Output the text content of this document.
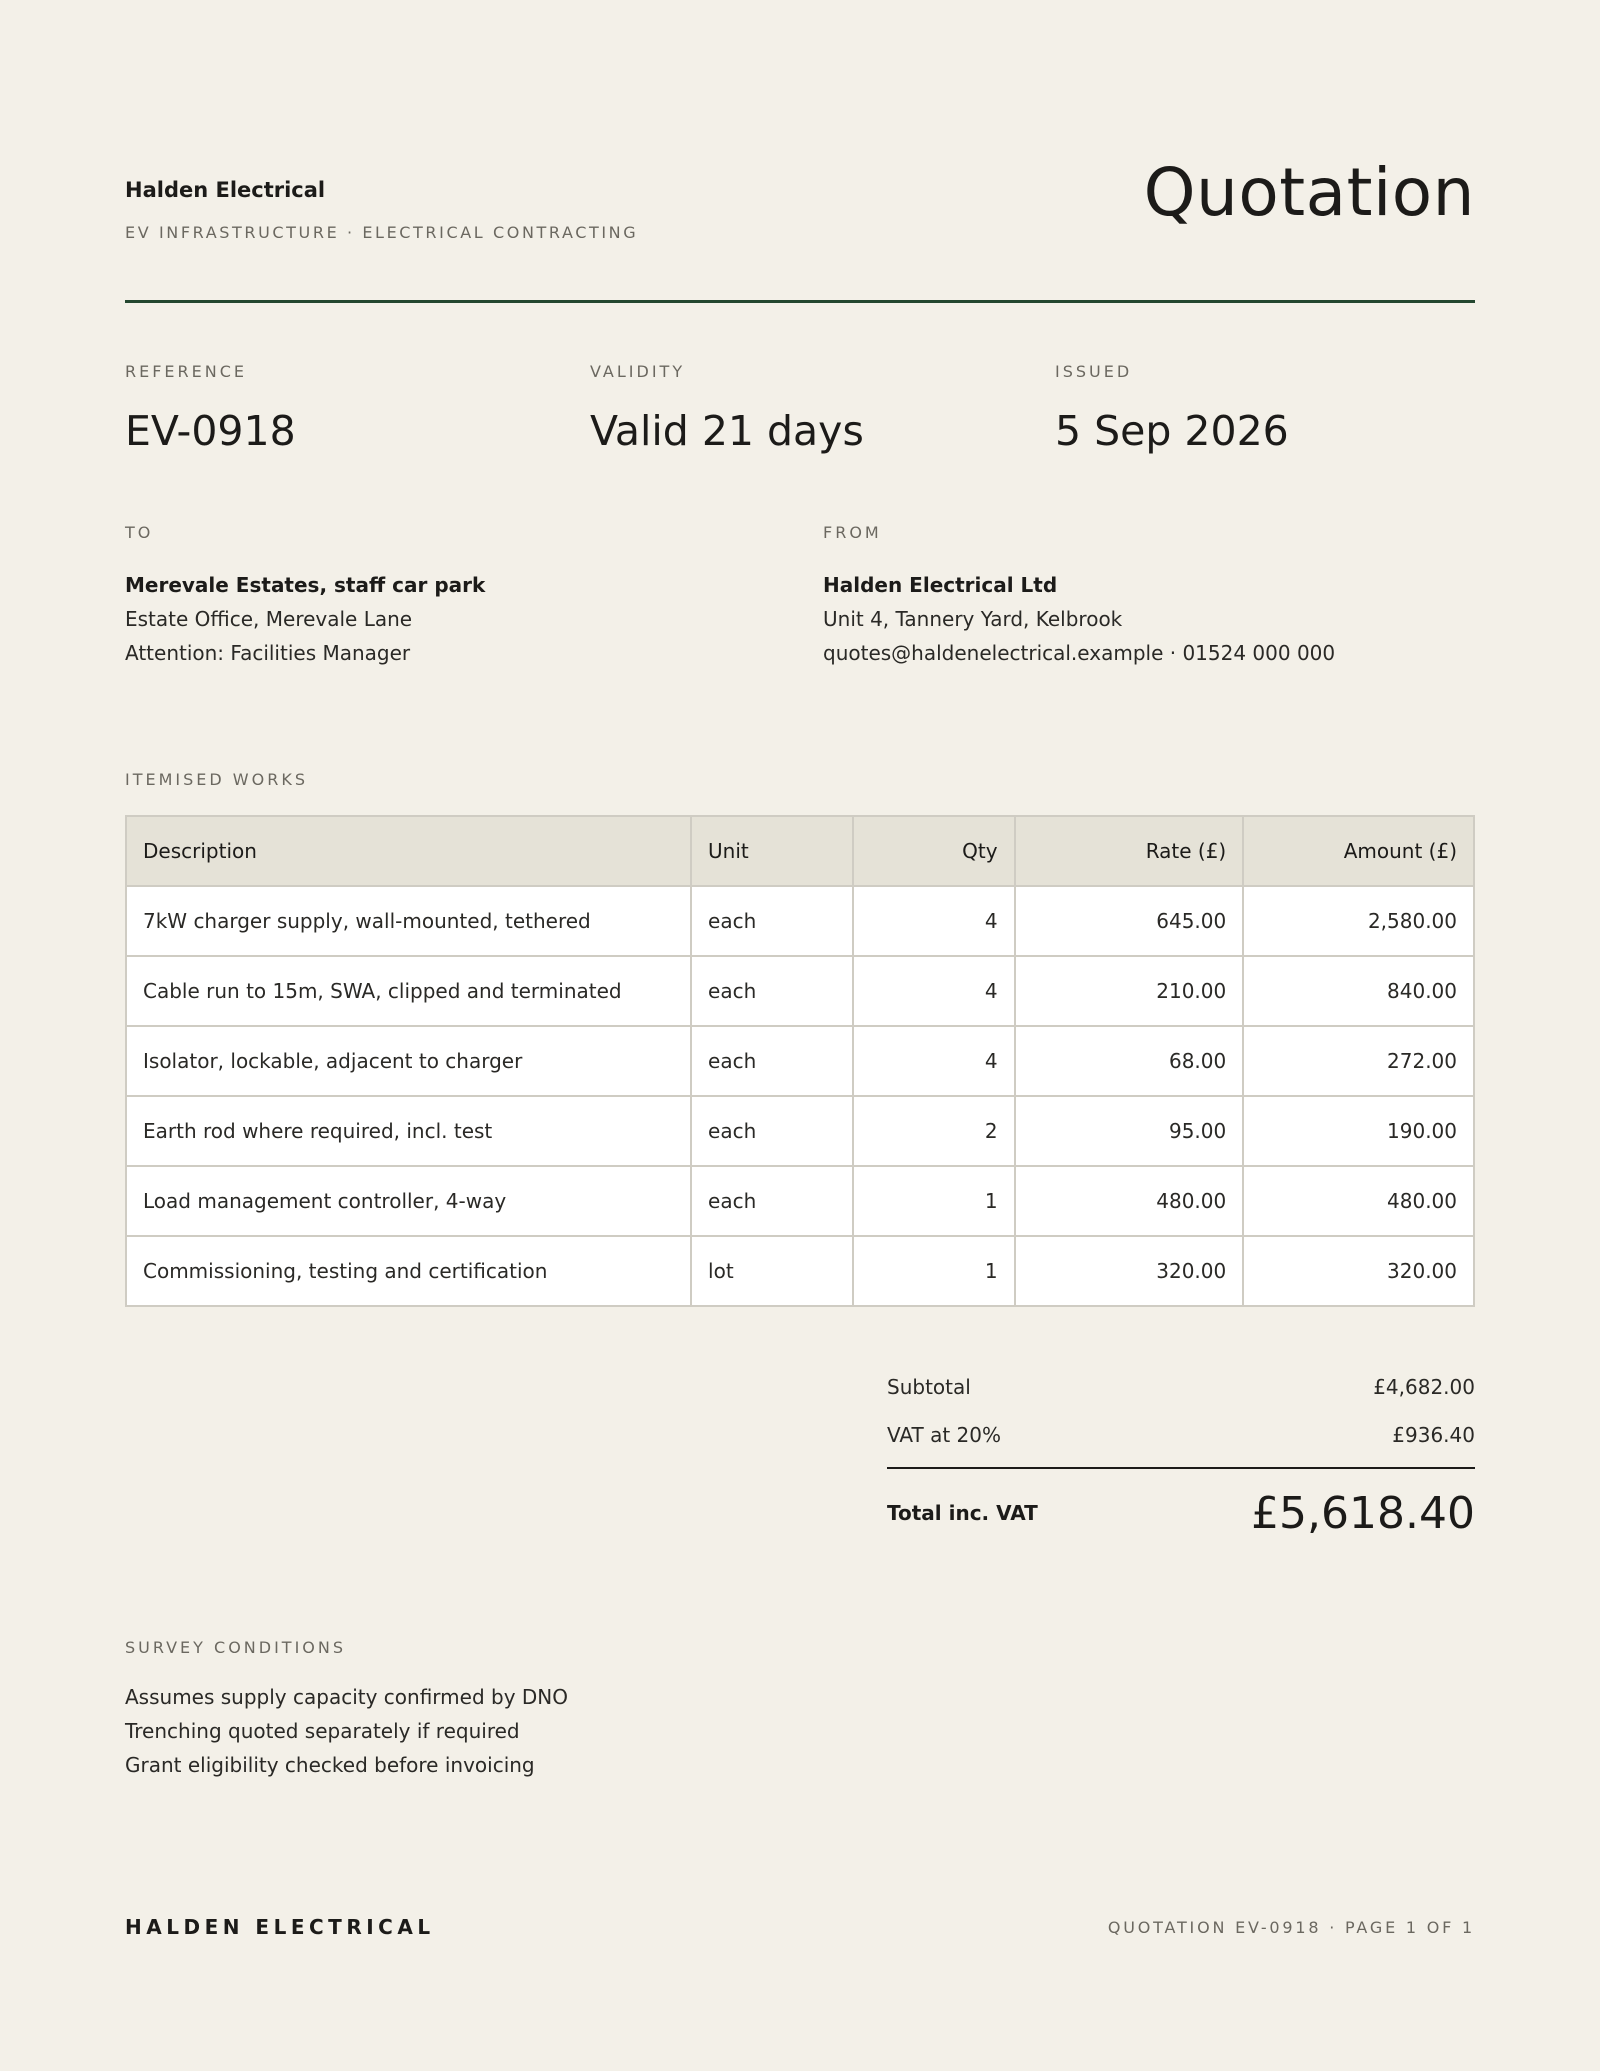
Halden Electrical
EV INFRASTRUCTURE · ELECTRICAL CONTRACTING
Quotation
REFERENCE
EV-0918
VALIDITY
Valid 21 days
ISSUED
5 Sep 2026
TO
Merevale Estates, staff car park
Estate Office, Merevale Lane
Attention: Facilities Manager
FROM
Halden Electrical Ltd
Unit 4, Tannery Yard, Kelbrook
quotes@haldenelectrical.example · 01524 000 000
ITEMISED WORKS
Description	Unit	Qty	Rate (£)	Amount (£)
7kW charger supply, wall-mounted, tethered	each	4	645.00	2,580.00
Cable run to 15m, SWA, clipped and terminated	each	4	210.00	840.00
Isolator, lockable, adjacent to charger	each	4	68.00	272.00
Earth rod where required, incl. test	each	2	95.00	190.00
Load management controller, 4-way	each	1	480.00	480.00
Commissioning, testing and certification	lot	1	320.00	320.00
Subtotal	£4,682.00
VAT at 20%	£936.40
Total inc. VAT	£5,618.40
SURVEY CONDITIONS
Assumes supply capacity confirmed by DNO
Trenching quoted separately if required
Grant eligibility checked before invoicing
HALDEN ELECTRICAL	QUOTATION EV-0918 · PAGE 1 OF 1
